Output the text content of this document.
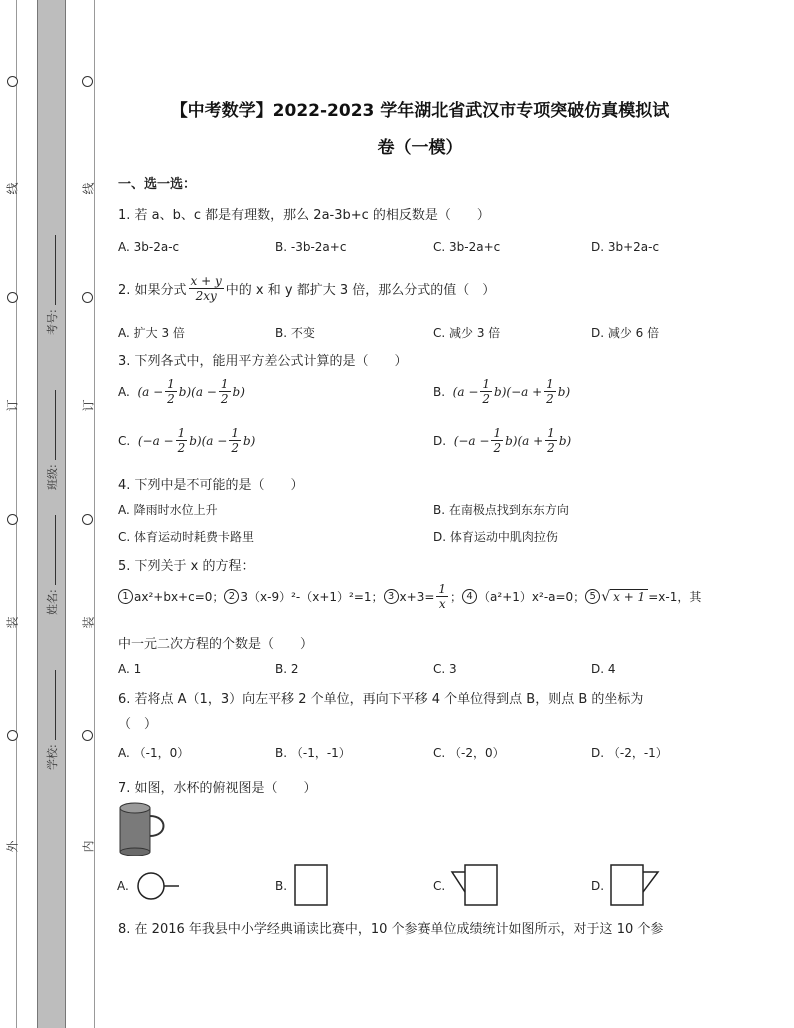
线
订
装
外
线
订
装
内
考号:
班级:
姓名:
学校:
【中考数学】2022-2023 学年湖北省武汉市专项突破仿真模拟试
卷（一模）
一、选一选：
1. 若 a、b、c 都是有理数，那么 2a-3b+c 的相反数是（　　）
A. 3b-2a-c	B. -3b-2a+c	C. 3b-2a+c	D. 3b+2a-c
2. 如果分式 $\frac{x + y}{2xy}$ 中的 x 和 y 都扩大 3 倍，那么分式的值（　）
A. 扩大 3 倍	B. 不变	C. 减少 3 倍	D. 减少 6 倍
3. 下列各式中，能用平方差公式计算的是（　　）
A. $(a - \frac{1}{2} b)(a - \frac{1}{2} b)$	B. $(a - \frac{1}{2} b)(-a + \frac{1}{2} b)$
C. $(-a - \frac{1}{2} b)(a - \frac{1}{2} b)$	D. $(-a - \frac{1}{2} b)(a + \frac{1}{2} b)$
4. 下列中是不可能的是（　　）
A. 降雨时水位上升	B. 在南极点找到东东方向
C. 体育运动时耗费卡路里	D. 体育运动中肌肉拉伤
5. 下列关于 x 的方程：
1 ax²+bx+c=0； 2 3（x-9）²-（x+1）²=1； 3 $x+3= \frac{1}{x}$ ； 4 （a²+1）x²-a=0； 5 √ x + 1 =x-1，其
中一元二次方程的个数是（　　）
A. 1	B. 2	C. 3	D. 4
6. 若将点 A（1，3）向左平移 2 个单位，再向下平移 4 个单位得到点 B，则点 B 的坐标为
（　）
A. （-1，0）	B. （-1，-1）	C. （-2，0）	D. （-2，-1）
7. 如图，水杯的俯视图是（　　）
A.	B.	C.	D.
8. 在 2016 年我县中小学经典诵读比赛中，10 个参赛单位成绩统计如图所示，对于这 10 个参
